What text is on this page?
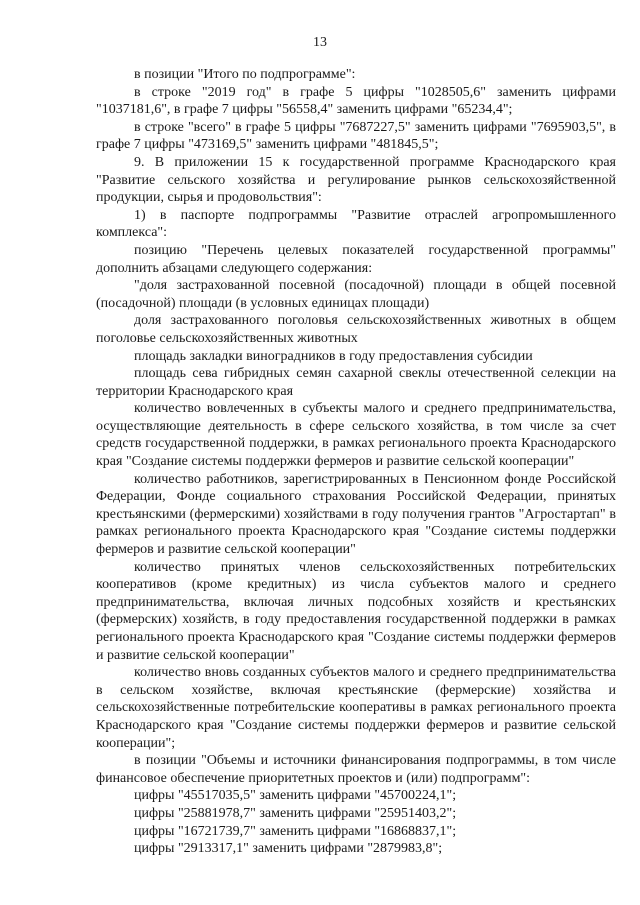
13

в позиции "Итого по подпрограмме":

в строке "2019 год" в графе 5 цифры "1028505,6" заменить цифрами "1037181,6", в графе 7 цифры "56558,4" заменить цифрами "65234,4";

в строке "всего" в графе 5 цифры "7687227,5" заменить цифрами "7695903,5", в графе 7 цифры "473169,5" заменить цифрами "481845,5";

9. В приложении 15 к государственной программе Краснодарского края "Развитие сельского хозяйства и регулирование рынков сельскохозяйственной продукции, сырья и продовольствия":

1) в паспорте подпрограммы "Развитие отраслей агропромышленного комплекса":

позицию "Перечень целевых показателей государственной программы" дополнить абзацами следующего содержания:

"доля застрахованной посевной (посадочной) площади в общей посевной (посадочной) площади (в условных единицах площади)

доля застрахованного поголовья сельскохозяйственных животных в общем поголовье сельскохозяйственных животных

площадь закладки виноградников в году предоставления субсидии

площадь сева гибридных семян сахарной свеклы отечественной селекции на территории Краснодарского края

количество вовлеченных в субъекты малого и среднего предпринимательства, осуществляющие деятельность в сфере сельского хозяйства, в том числе за счет средств государственной поддержки, в рамках регионального проекта Краснодарского края "Создание системы поддержки фермеров и развитие сельской кооперации"

количество работников, зарегистрированных в Пенсионном фонде Российской Федерации, Фонде социального страхования Российской Федерации, принятых крестьянскими (фермерскими) хозяйствами в году получения грантов "Агростартап" в рамках регионального проекта Краснодарского края "Создание системы поддержки фермеров и развитие сельской кооперации"

количество принятых членов сельскохозяйственных потребительских кооперативов (кроме кредитных) из числа субъектов малого и среднего предпринимательства, включая личных подсобных хозяйств и крестьянских (фермерских) хозяйств, в году предоставления государственной поддержки в рамках регионального проекта Краснодарского края "Создание системы поддержки фермеров и развитие сельской кооперации"

количество вновь созданных субъектов малого и среднего предпринимательства в сельском хозяйстве, включая крестьянские (фермерские) хозяйства и сельскохозяйственные потребительские кооперативы в рамках регионального проекта Краснодарского края "Создание системы поддержки фермеров и развитие сельской кооперации";

в позиции "Объемы и источники финансирования подпрограммы, в том числе финансовое обеспечение приоритетных проектов и (или) подпрограмм":

цифры "45517035,5" заменить цифрами "45700224,1";

цифры "25881978,7" заменить цифрами "25951403,2";

цифры "16721739,7" заменить цифрами "16868837,1";

цифры "2913317,1" заменить цифрами "2879983,8";
